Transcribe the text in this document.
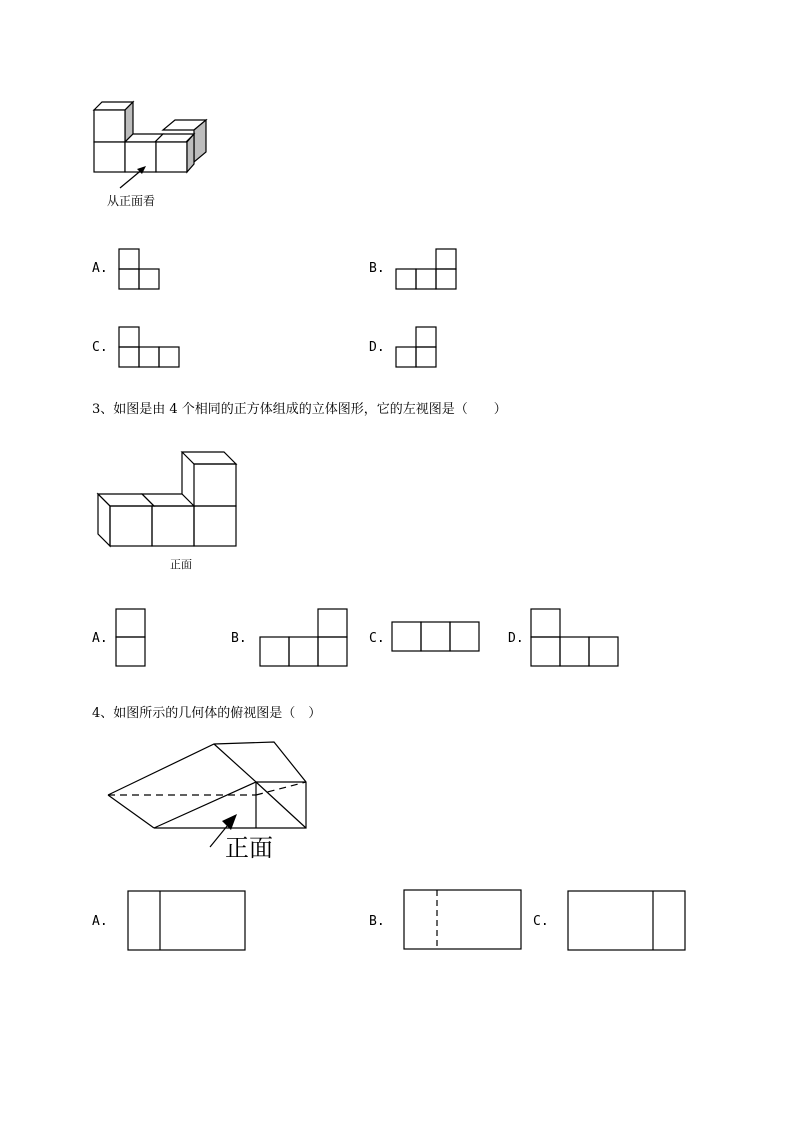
从正面看
A.	B.
C.	D.
3、如图是由 4 个相同的正方体组成的立体图形，它的左视图是（　　）
正面
A.	B.	C.	D.
4、如图所示的几何体的俯视图是（　）
正面
A.	B.	C.
